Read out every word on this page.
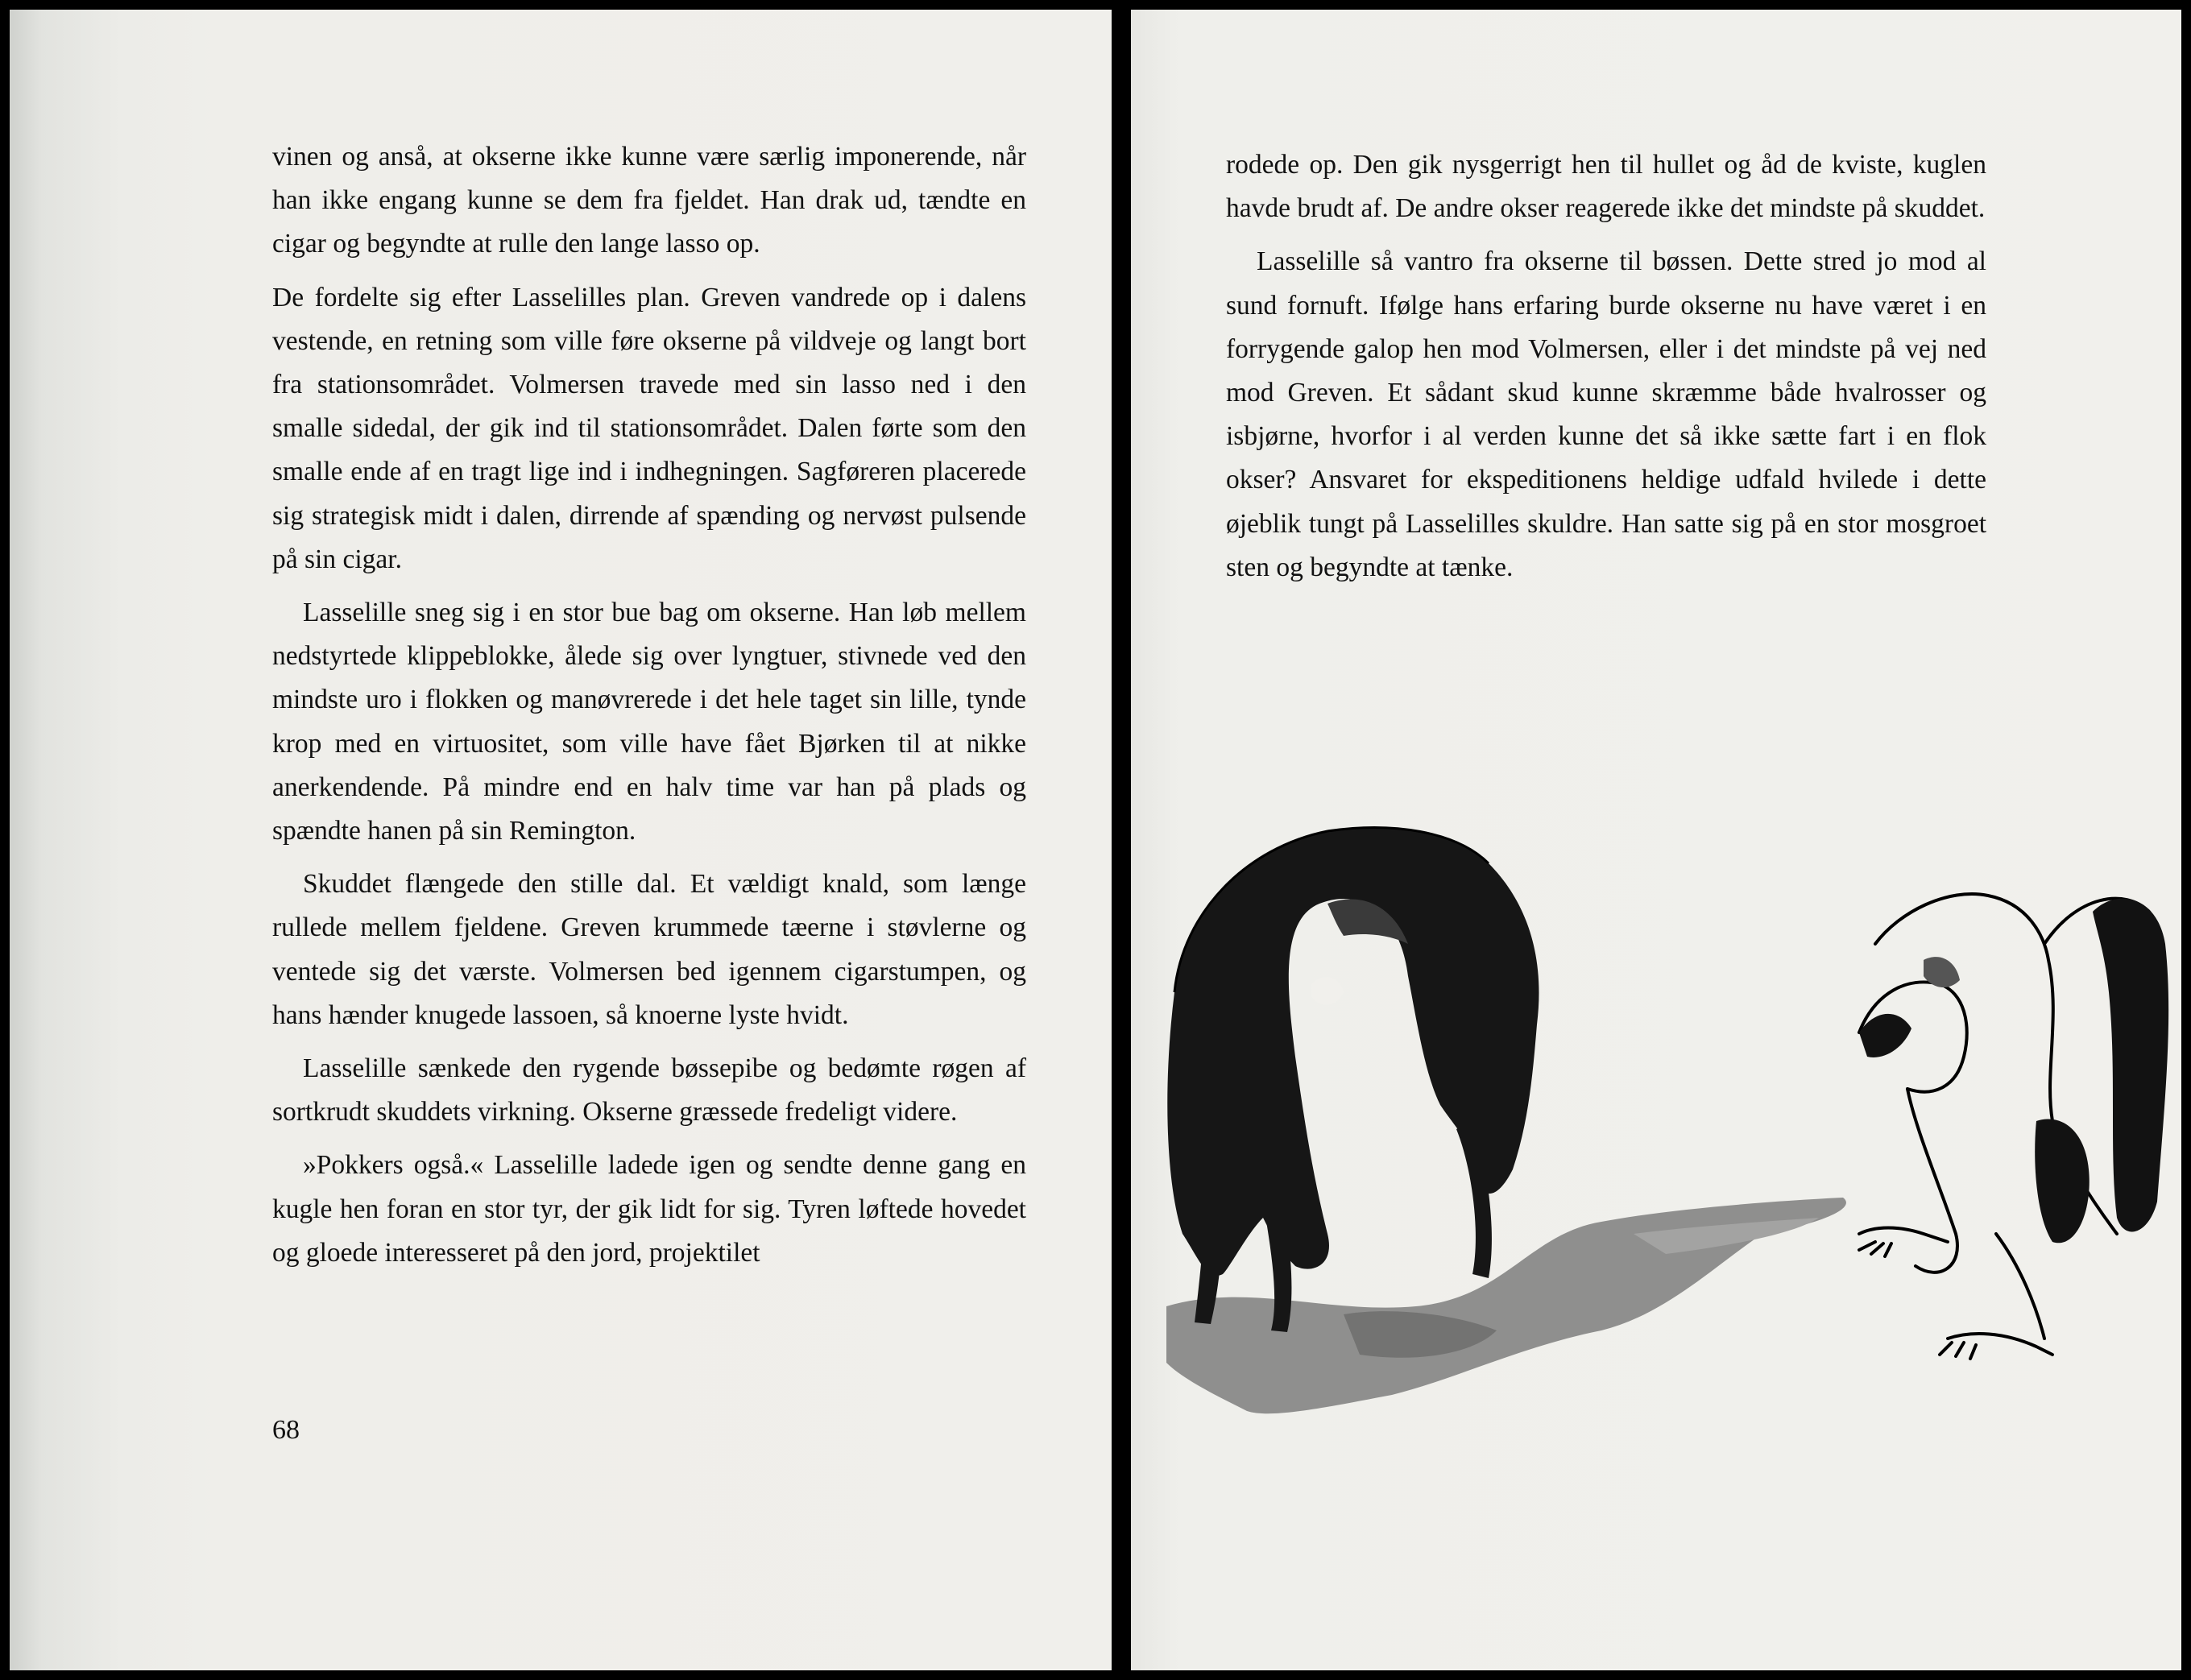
vinen og anså, at okserne ikke kunne være særlig imponerende, når han ikke engang kunne se dem fra fjeldet. Han drak ud, tændte en cigar og begyndte at rulle den lange lasso op.

De fordelte sig efter Lasselilles plan. Greven vandrede op i dalens vestende, en retning som ville føre okserne på vildveje og langt bort fra stationsområdet. Volmersen travede med sin lasso ned i den smalle sidedal, der gik ind til stationsområdet. Dalen førte som den smalle ende af en tragt lige ind i indhegningen. Sagføreren placerede sig strategisk midt i dalen, dirrende af spænding og nervøst pulsende på sin cigar.

Lasselille sneg sig i en stor bue bag om okserne. Han løb mellem nedstyrtede klippeblokke, ålede sig over lyngtuer, stivnede ved den mindste uro i flokken og manøvrerede i det hele taget sin lille, tynde krop med en virtuositet, som ville have fået Bjørken til at nikke anerkendende. På mindre end en halv time var han på plads og spændte hanen på sin Remington.

Skuddet flængede den stille dal. Et vældigt knald, som længe rullede mellem fjeldene. Greven krummede tæerne i støvlerne og ventede sig det værste. Volmersen bed igennem cigarstumpen, og hans hænder knugede lassoen, så knoerne lyste hvidt.

Lasselille sænkede den rygende bøssepibe og bedømte røgen af sortkrudt skuddets virkning. Okserne græssede fredeligt videre.

»Pokkers også.« Lasselille ladede igen og sendte denne gang en kugle hen foran en stor tyr, der gik lidt for sig. Tyren løftede hovedet og gloede interesseret på den jord, projektilet

68

rodede op. Den gik nysgerrigt hen til hullet og åd de kviste, kuglen havde brudt af. De andre okser reagerede ikke det mindste på skuddet.

Lasselille så vantro fra okserne til bøssen. Dette stred jo mod al sund fornuft. Ifølge hans erfaring burde okserne nu have været i en forrygende galop hen mod Volmersen, eller i det mindste på vej ned mod Greven. Et sådant skud kunne skræmme både hvalrosser og isbjørne, hvorfor i al verden kunne det så ikke sætte fart i en flok okser? Ansvaret for ekspeditionens heldige udfald hvilede i dette øjeblik tungt på Lasselilles skuldre. Han satte sig på en stor mosgroet sten og begyndte at tænke.
